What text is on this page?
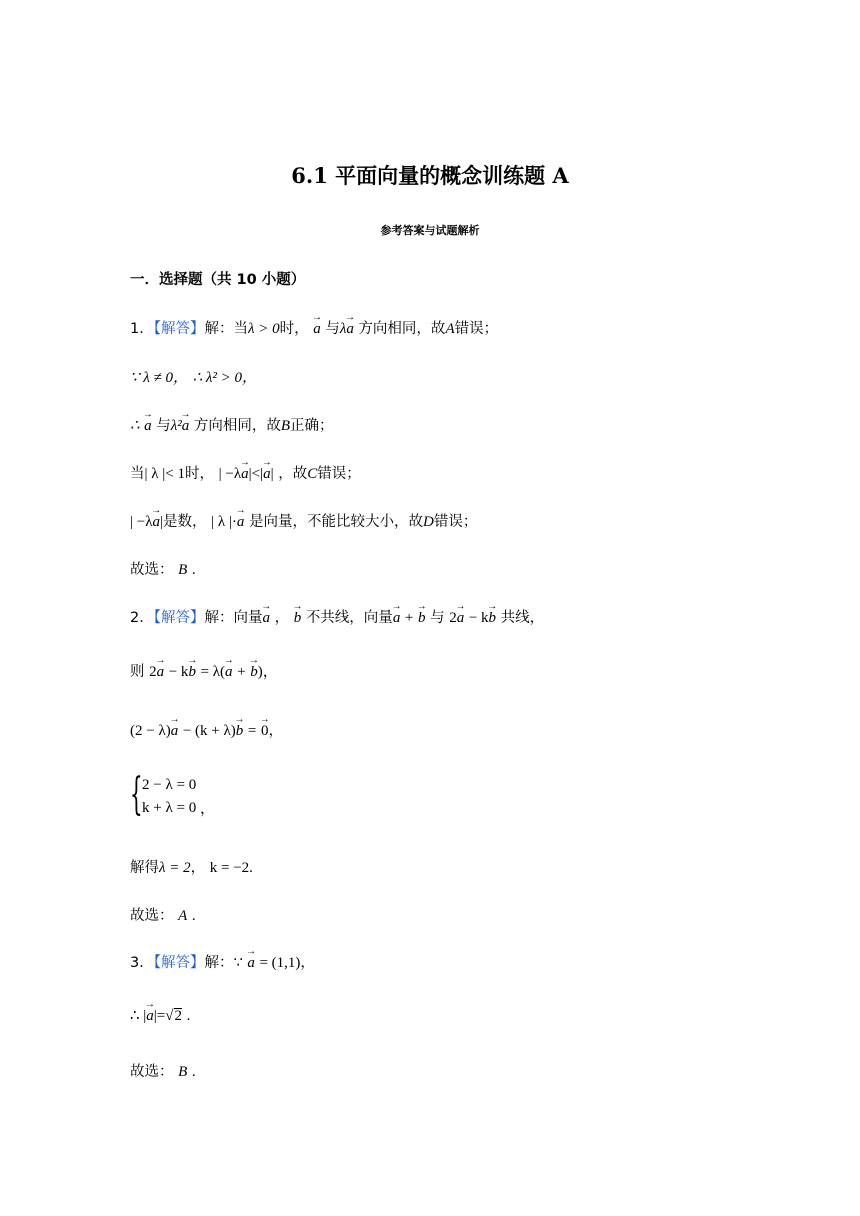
6.1 平面向量的概念训练题 A
参考答案与试题解析
一．选择题（共 10 小题）
1．【解答】解：当λ > 0时， → a 与λ→ a 方向相同，故A错误；
∵ λ ≠ 0， ∴ λ² > 0，
∴ → a 与λ²→ a 方向相同，故B正确；
当| λ |< 1时， | −λ→ a|<|→ a| ，故C错误；
| −λ→ a|是数， | λ |·→ a 是向量，不能比较大小，故D错误；
故选： B .
2．【解答】解：向量→ a ， → b 不共线，向量→ a + → b 与 2→ a − k→ b 共线，
则 2→ a − k→ b = λ(→ a + → b)，
(2 − λ)→ a − (k + λ)→ b = → 0，
{ 2 − λ = 0
k + λ = 0 ，
解得λ = 2， k = −2.
故选： A .
3．【解答】解：∵ → a = (1,1)，
∴ |→ a|=√2 .
故选： B .
